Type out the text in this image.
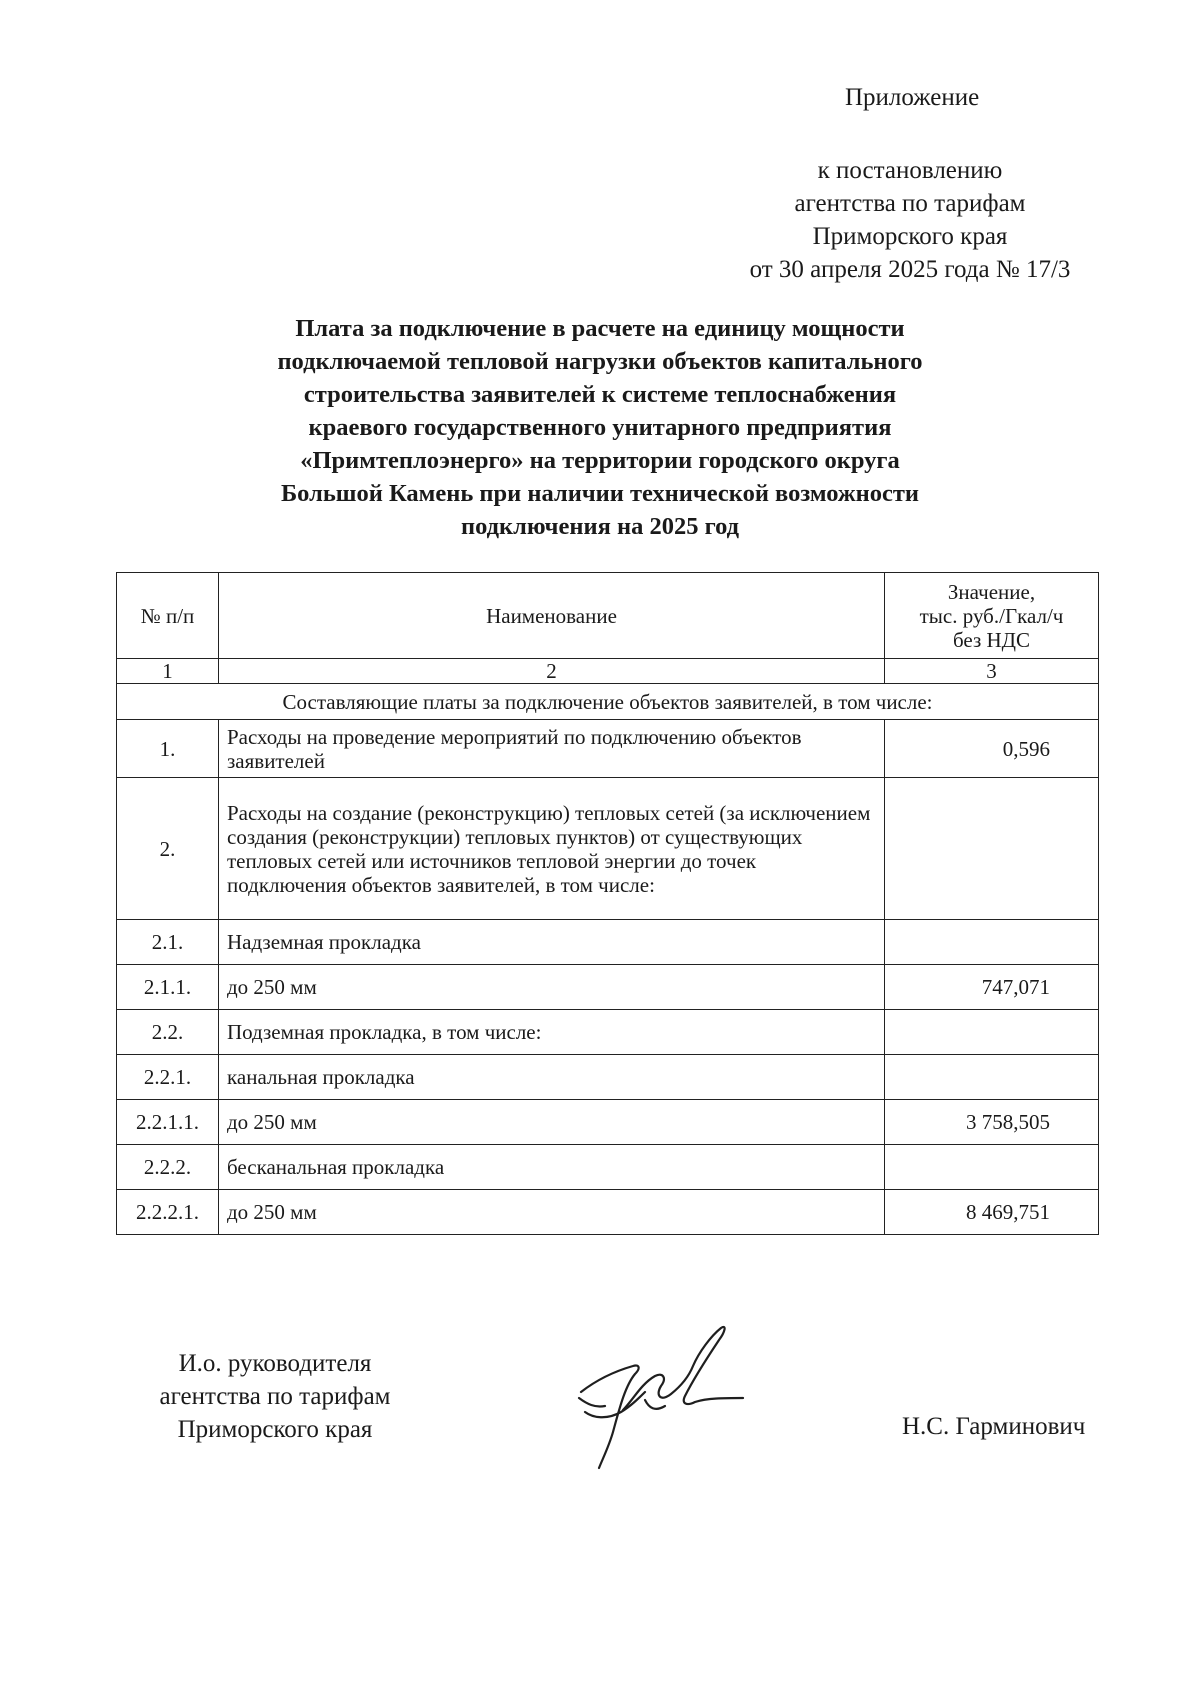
Приложение
к постановлению
агентства по тарифам
Приморского края
от 30 апреля 2025 года № 17/3
Плата за подключение в расчете на единицу мощности
подключаемой тепловой нагрузки объектов капитального
строительства заявителей к системе теплоснабжения
краевого государственного унитарного предприятия
«Примтеплоэнерго» на территории городского округа
Большой Камень при наличии технической возможности
подключения на 2025 год
№ п/п	Наименование	Значение,
тыс. руб./Гкал/ч
без НДС

1	2	3
Составляющие платы за подключение объектов заявителей, в том числе:		
1.	Расходы на проведение мероприятий по подключению объектов заявителей	0,596
2.	Расходы на создание (реконструкцию) тепловых сетей (за исключением создания (реконструкции) тепловых пунктов) от существующих тепловых сетей или источников тепловой энергии до точек подключения объектов заявителей, в том числе:	
2.1.	Надземная прокладка	
2.1.1.	до 250 мм	747,071
2.2.	Подземная прокладка, в том числе:	
2.2.1.	канальная прокладка	
2.2.1.1.	до 250 мм	3 758,505
2.2.2.	бесканальная прокладка	
2.2.2.1.	до 250 мм	8 469,751
И.о. руководителя
агентства по тарифам
Приморского края	Н.С. Гарминович
